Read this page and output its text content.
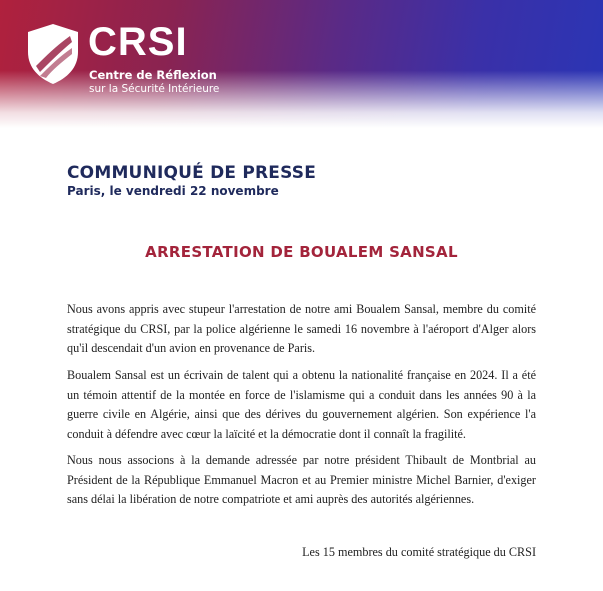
CRSI
Centre de Réflexion
sur la Sécurité Intérieure
COMMUNIQUÉ DE PRESSE
Paris, le vendredi 22 novembre
ARRESTATION DE BOUALEM SANSAL

Nous avons appris avec stupeur l'arrestation de notre ami Boualem Sansal, membre du comité stratégique du CRSI, par la police algérienne le samedi 16 novembre à l'aéroport d'Alger alors qu'il descendait d'un avion en provenance de Paris.

Boualem Sansal est un écrivain de talent qui a obtenu la nationalité française en 2024. Il a été un témoin attentif de la montée en force de l'islamisme qui a conduit dans les années 90 à la guerre civile en Algérie, ainsi que des dérives du gouvernement algérien. Son expérience l'a conduit à défendre avec cœur la laïcité et la démocratie dont il connaît la fragilité.

Nous nous associons à la demande adressée par notre président Thibault de Montbrial au Président de la République Emmanuel Macron et au Premier ministre Michel Barnier, d'exiger sans délai la libération de notre compatriote et ami auprès des autorités algériennes.

Les 15 membres du comité stratégique du CRSI
